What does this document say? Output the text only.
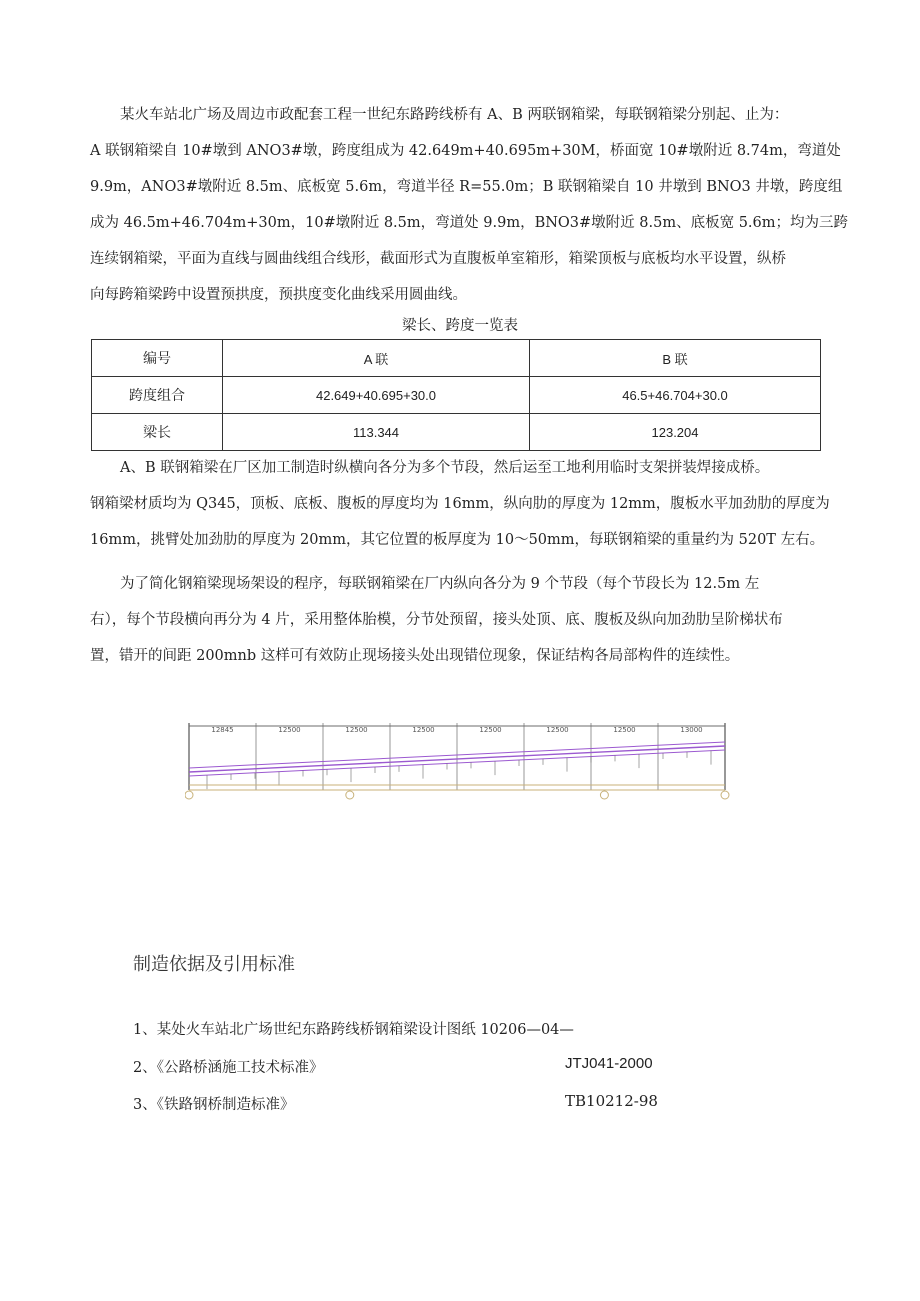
某火车站北广场及周边市政配套工程一世纪东路跨线桥有 A、B 两联钢箱梁，每联钢箱梁分别起、止为：
A 联钢箱梁自 10#墩到 ANO3#墩，跨度组成为 42.649m+40.695m+30M，桥面宽 10#墩附近 8.74m，弯道处
9.9m，ANO3#墩附近 8.5m、底板宽 5.6m，弯道半径 R=55.0m；B 联钢箱梁自 10 井墩到 BNO3 井墩，跨度组
成为 46.5m+46.704m+30m，10#墩附近 8.5m，弯道处 9.9m，BNO3#墩附近 8.5m、底板宽 5.6m；均为三跨
连续钢箱梁，平面为直线与圆曲线组合线形，截面形式为直腹板单室箱形，箱梁顶板与底板均水平设置，纵桥
向每跨箱梁跨中设置预拱度，预拱度变化曲线采用圆曲线。

梁长、跨度一览表
编号	A 联	B 联
跨度组合	42.649+40.695+30.0	46.5+46.704+30.0
梁长	113.344	123.204

A、B 联钢箱梁在厂区加工制造时纵横向各分为多个节段，然后运至工地利用临时支架拼装焊接成桥。
钢箱梁材质均为 Q345，顶板、底板、腹板的厚度均为 16mm，纵向肋的厚度为 12mm，腹板水平加劲肋的厚度为
16mm，挑臂处加劲肋的厚度为 20mm，其它位置的板厚度为 10～50mm，每联钢箱梁的重量约为 520T 左右。

为了简化钢箱梁现场架设的程序，每联钢箱梁在厂内纵向各分为 9 个节段（每个节段长为 12.5m 左
右），每个节段横向再分为 4 片，采用整体胎模，分节处预留，接头处顶、底、腹板及纵向加劲肋呈阶梯状布
置，错开的间距 200mnb 这样可有效防止现场接头处出现错位现象，保证结构各局部构件的连续性。

12845	12500	12500	12500	12500	12500	12500	13000
制造依据及引用标准
1、某处火车站北广场世纪东路跨线桥钢箱梁设计图纸 10206—04—
2、《公路桥涵施工技术标准》	JTJ041-2000
3、《铁路钢桥制造标准》	TB10212-98
